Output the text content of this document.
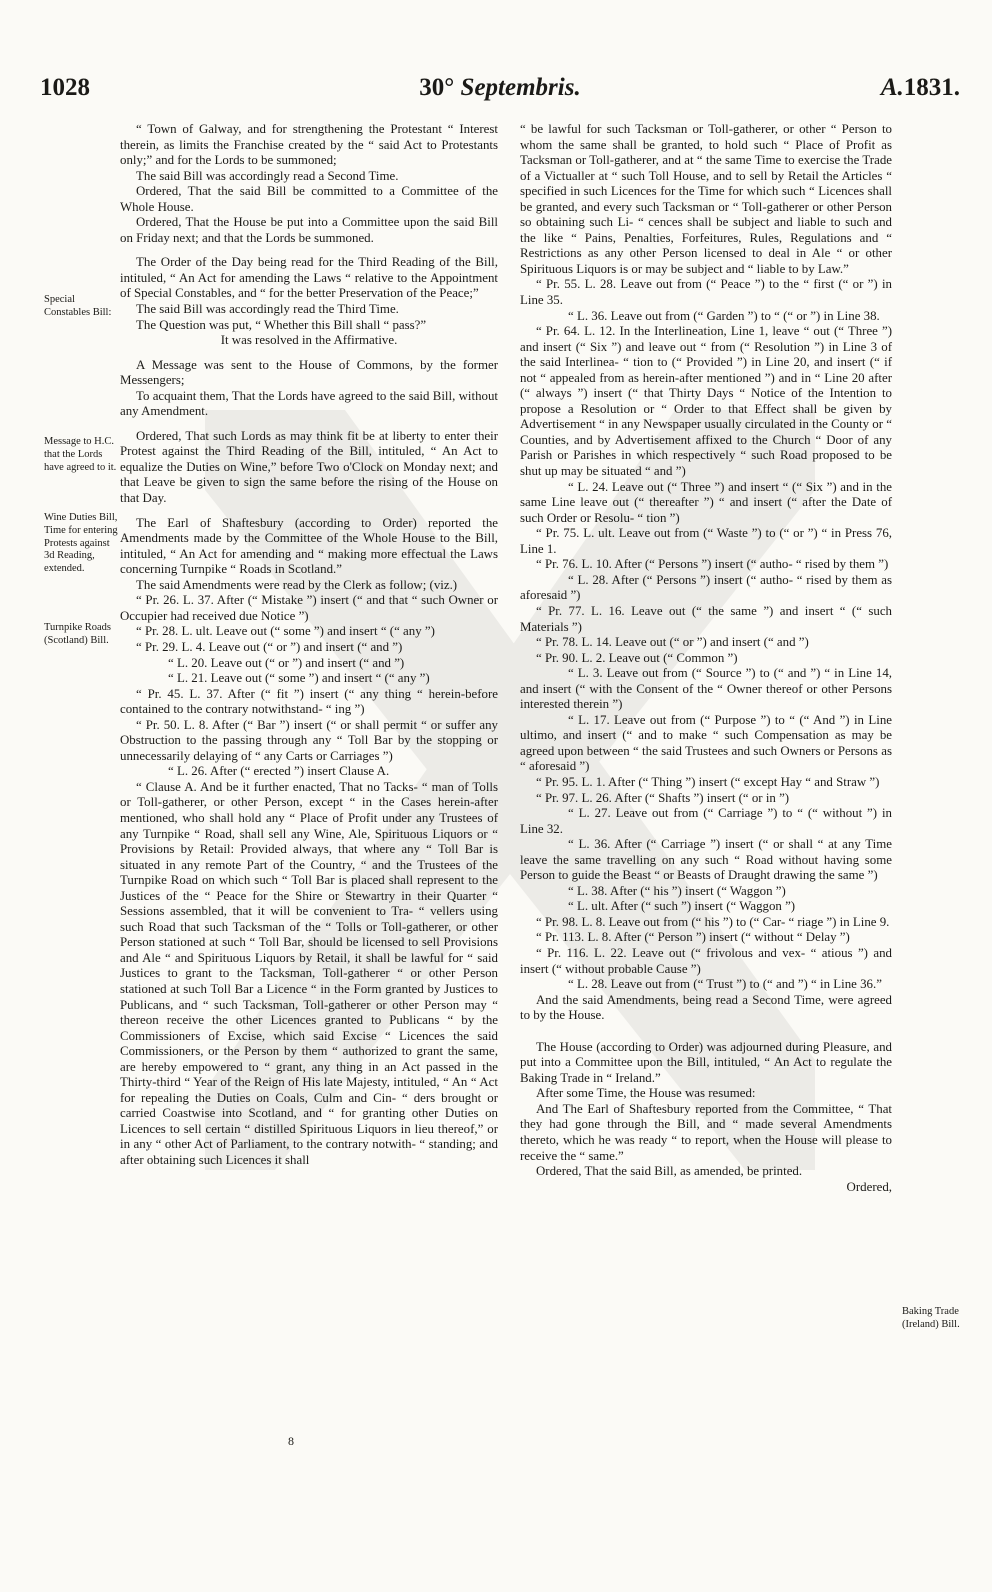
1028	30° Septembris.	A.1831.
Special Constables Bill:
Message to H.C. that the Lords have agreed to it.
Wine Duties Bill, Time for entering Protests against 3d Reading, extended.
Turnpike Roads (Scotland) Bill.
Baking Trade (Ireland) Bill.

“ Town of Galway, and for strengthening the Protestant “ Interest therein, as limits the Franchise created by the “ said Act to Protestants only;” and for the Lords to be summoned;

The said Bill was accordingly read a Second Time.

Ordered, That the said Bill be committed to a Committee of the Whole House.

Ordered, That the House be put into a Committee upon the said Bill on Friday next; and that the Lords be summoned.

The Order of the Day being read for the Third Reading of the Bill, intituled, “ An Act for amending the Laws “ relative to the Appointment of Special Constables, and “ for the better Preservation of the Peace;”

The said Bill was accordingly read the Third Time.

The Question was put, “ Whether this Bill shall “ pass?”

It was resolved in the Affirmative.

A Message was sent to the House of Commons, by the former Messengers;

To acquaint them, That the Lords have agreed to the said Bill, without any Amendment.

Ordered, That such Lords as may think fit be at liberty to enter their Protest against the Third Reading of the Bill, intituled, “ An Act to equalize the Duties on Wine,” before Two o'Clock on Monday next; and that Leave be given to sign the same before the rising of the House on that Day.

The Earl of Shaftesbury (according to Order) reported the Amendments made by the Committee of the Whole House to the Bill, intituled, “ An Act for amending and “ making more effectual the Laws concerning Turnpike “ Roads in Scotland.”

The said Amendments were read by the Clerk as follow; (viz.)

“ Pr. 26. L. 37. After (“ Mistake ”) insert (“ and that “ such Owner or Occupier had received due Notice ”)

“ Pr. 28. L. ult. Leave out (“ some ”) and insert “ (“ any ”)

“ Pr. 29. L. 4. Leave out (“ or ”) and insert (“ and ”)

“ L. 20. Leave out (“ or ”) and insert (“ and ”)

“ L. 21. Leave out (“ some ”) and insert “ (“ any ”)

“ Pr. 45. L. 37. After (“ fit ”) insert (“ any thing “ herein-before contained to the contrary notwithstand- “ ing ”)

“ Pr. 50. L. 8. After (“ Bar ”) insert (“ or shall permit “ or suffer any Obstruction to the passing through any “ Toll Bar by the stopping or unnecessarily delaying of “ any Carts or Carriages ”)

“ L. 26. After (“ erected ”) insert Clause A.

“ Clause A. And be it further enacted, That no Tacks- “ man of Tolls or Toll-gatherer, or other Person, except “ in the Cases herein-after mentioned, who shall hold any “ Place of Profit under any Trustees of any Turnpike “ Road, shall sell any Wine, Ale, Spirituous Liquors or “ Provisions by Retail: Provided always, that where any “ Toll Bar is situated in any remote Part of the Country, “ and the Trustees of the Turnpike Road on which such “ Toll Bar is placed shall represent to the Justices of the “ Peace for the Shire or Stewartry in their Quarter “ Sessions assembled, that it will be convenient to Tra- “ vellers using such Road that such Tacksman of the “ Tolls or Toll-gatherer, or other Person stationed at such “ Toll Bar, should be licensed to sell Provisions and Ale “ and Spirituous Liquors by Retail, it shall be lawful for “ said Justices to grant to the Tacksman, Toll-gatherer “ or other Person stationed at such Toll Bar a Licence “ in the Form granted by Justices to Publicans, and “ such Tacksman, Toll-gatherer or other Person may “ thereon receive the other Licences granted to Publicans “ by the Commissioners of Excise, which said Excise “ Licences the said Commissioners, or the Person by them “ authorized to grant the same, are hereby empowered to “ grant, any thing in an Act passed in the Thirty-third “ Year of the Reign of His late Majesty, intituled, “ An “ Act for repealing the Duties on Coals, Culm and Cin- “ ders brought or carried Coastwise into Scotland, and “ for granting other Duties on Licences to sell certain “ distilled Spirituous Liquors in lieu thereof,” or in any “ other Act of Parliament, to the contrary notwith- “ standing; and after obtaining such Licences it shall

“ be lawful for such Tacksman or Toll-gatherer, or other “ Person to whom the same shall be granted, to hold such “ Place of Profit as Tacksman or Toll-gatherer, and at “ the same Time to exercise the Trade of a Victualler at “ such Toll House, and to sell by Retail the Articles “ specified in such Licences for the Time for which such “ Licences shall be granted, and every such Tacksman or “ Toll-gatherer or other Person so obtaining such Li- “ cences shall be subject and liable to such and the like “ Pains, Penalties, Forfeitures, Rules, Regulations and “ Restrictions as any other Person licensed to deal in Ale “ or other Spirituous Liquors is or may be subject and “ liable to by Law.”

“ Pr. 55. L. 28. Leave out from (“ Peace ”) to the “ first (“ or ”) in Line 35.

“ L. 36. Leave out from (“ Garden ”) to “ (“ or ”) in Line 38.

“ Pr. 64. L. 12. In the Interlineation, Line 1, leave “ out (“ Three ”) and insert (“ Six ”) and leave out “ from (“ Resolution ”) in Line 3 of the said Interlinea- “ tion to (“ Provided ”) in Line 20, and insert (“ if not “ appealed from as herein-after mentioned ”) and in “ Line 20 after (“ always ”) insert (“ that Thirty Days “ Notice of the Intention to propose a Resolution or “ Order to that Effect shall be given by Advertisement “ in any Newspaper usually circulated in the County or “ Counties, and by Advertisement affixed to the Church “ Door of any Parish or Parishes in which respectively “ such Road proposed to be shut up may be situated “ and ”)

“ L. 24. Leave out (“ Three ”) and insert “ (“ Six ”) and in the same Line leave out (“ thereafter ”) “ and insert (“ after the Date of such Order or Resolu- “ tion ”)

“ Pr. 75. L. ult. Leave out from (“ Waste ”) to (“ or ”) “ in Press 76, Line 1.

“ Pr. 76. L. 10. After (“ Persons ”) insert (“ autho- “ rised by them ”)

“ L. 28. After (“ Persons ”) insert (“ autho- “ rised by them as aforesaid ”)

“ Pr. 77. L. 16. Leave out (“ the same ”) and insert “ (“ such Materials ”)

“ Pr. 78. L. 14. Leave out (“ or ”) and insert (“ and ”)

“ Pr. 90. L. 2. Leave out (“ Common ”)

“ L. 3. Leave out from (“ Source ”) to (“ and ”) “ in Line 14, and insert (“ with the Consent of the “ Owner thereof or other Persons interested therein ”)

“ L. 17. Leave out from (“ Purpose ”) to “ (“ And ”) in Line ultimo, and insert (“ and to make “ such Compensation as may be agreed upon between “ the said Trustees and such Owners or Persons as “ aforesaid ”)

“ Pr. 95. L. 1. After (“ Thing ”) insert (“ except Hay “ and Straw ”)

“ Pr. 97. L. 26. After (“ Shafts ”) insert (“ or in ”)

“ L. 27. Leave out from (“ Carriage ”) to “ (“ without ”) in Line 32.

“ L. 36. After (“ Carriage ”) insert (“ or shall “ at any Time leave the same travelling on any such “ Road without having some Person to guide the Beast “ or Beasts of Draught drawing the same ”)

“ L. 38. After (“ his ”) insert (“ Waggon ”)

“ L. ult. After (“ such ”) insert (“ Waggon ”)

“ Pr. 98. L. 8. Leave out from (“ his ”) to (“ Car- “ riage ”) in Line 9.

“ Pr. 113. L. 8. After (“ Person ”) insert (“ without “ Delay ”)

“ Pr. 116. L. 22. Leave out (“ frivolous and vex- “ atious ”) and insert (“ without probable Cause ”)

“ L. 28. Leave out from (“ Trust ”) to (“ and ”) “ in Line 36.”

And the said Amendments, being read a Second Time, were agreed to by the House.

The House (according to Order) was adjourned during Pleasure, and put into a Committee upon the Bill, intituled, “ An Act to regulate the Baking Trade in “ Ireland.”

After some Time, the House was resumed:

And The Earl of Shaftesbury reported from the Committee, “ That they had gone through the Bill, and “ made several Amendments thereto, which he was ready “ to report, when the House will please to receive the “ same.”

Ordered, That the said Bill, as amended, be printed.

Ordered,

8
